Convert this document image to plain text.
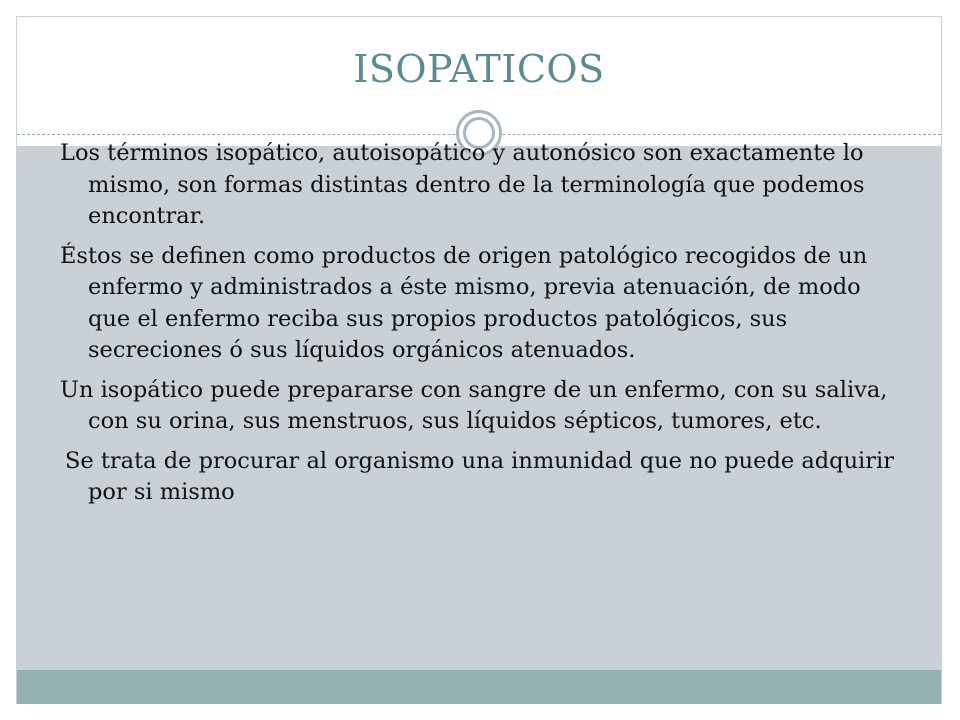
ISOPATICOS

Los términos isopático, autoisopático y autonósico son exactamente lo mismo, son formas distintas dentro de la terminología que podemos encontrar.

Éstos se definen como productos de origen patológico recogidos de un enfermo y administrados a éste mismo, previa atenuación, de modo que el enfermo reciba sus propios productos patológicos, sus secreciones ó sus líquidos orgánicos atenuados.

Un isopático puede prepararse con sangre de un enfermo, con su saliva, con su orina, sus menstruos, sus líquidos sépticos, tumores, etc.

Se trata de procurar al organismo una inmunidad que no puede adquirir por si mismo
